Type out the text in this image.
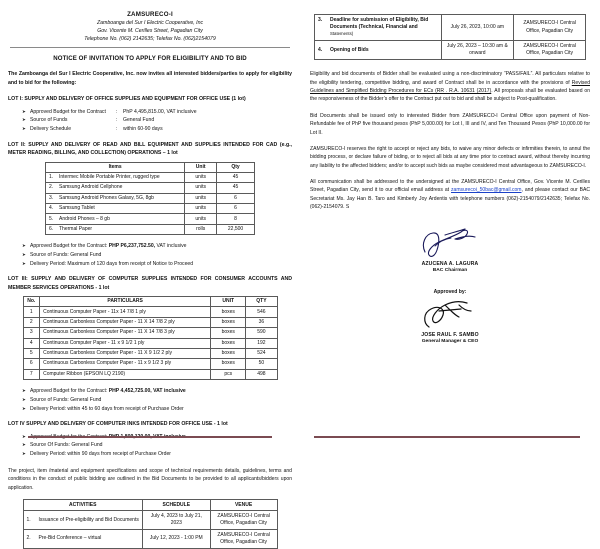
ZAMSURECO-I
Zamboanga del Sur I Electric Cooperative, Inc
Gov. Vicente M. Cerilles Street, Pagadian City
Telephone No. (062) 2142635; Telefax No. (062)2154079
NOTICE OF INVITATION TO APPLY FOR ELIGIBILITY AND TO BID
The Zamboanga del Sur I Electric Cooperative, Inc. now invites all interested bidders/parties to apply for eligibility and to bid for the following:
LOT I: SUPPLY AND DELIVERY OF OFFICE SUPPLIES AND EQUIPMENT FOR OFFICE USE (1 lot)
➤ Approved Budget for the Contract	:	PhP 4,495,815.00, VAT inclusive
➤ Source of Funds	:	General Fund
➤ Delivery Schedule	:	within 60-90 days
LOT II: SUPPLY AND DELIVERY OF READ AND BILL EQUIPMENT AND SUPPLIES INTENDED FOR CAD (e.g., METER READING, BILLING, AND COLLECTION) OPERATIONS – 1 lot
Items	Unit	Qty
1. Intermec Mobile Portable Printer, rugged type	units	45
2. Samsung Android Cellphone	units	45
3. Samsung Android Phones Galaxy, 5G, 8gb	units	6
4. Samsung Tablet	units	6
5. Android Phones – 8 gb	units	8
6. Thermal Paper	rolls	22,500
➤ Approved Budget for the Contract: PHP P6,237,752.50, VAT inclusive
➤ Source of Funds: General Fund
➤ Delivery Period: Maximum of 120 days from receipt of Notice to Proceed
LOT III: SUPPLY AND DELIVERY OF COMPUTER SUPPLIES INTENDED FOR CONSUMER ACCOUNTS AND MEMBER SERVICES OPERATIONS - 1 lot
No.	PARTICULARS	UNIT	QTY
1	Continuous Computer Paper - 11x 14 7/8 1 ply	boxes	546
2	Continuous Carbonless Computer Paper - 11 X 14 7/8 2 ply	boxes	36
3	Continuous Carbonless Computer Paper - 11 X 14 7/8 3 ply	boxes	590
4	Continuous Computer Paper - 11 x 9 1/2 1 ply	boxes	192
5	Continuous Carbonless Computer Paper - 11 X 9 1/2 2 ply	boxes	524
6	Continuous Carbonless Computer Paper - 11 x 9 1/2 3 ply	boxes	50
7	Computer Ribbon (EPSON LQ 2190)	pcs	498
➤ Approved Budget for the Contract: PHP 4,452,725.00, VAT inclusive
➤ Source of Funds: General Fund
➤ Delivery Period: within 45 to 60 days from receipt of Purchase Order
LOT IV SUPPLY AND DELIVERY OF COMPUTER INKS INTENDED FOR OFFICE USE - 1 lot
➤
➤ Source Of Funds: General Fund
➤ Delivery Period: within 90 days from receipt of Purchase Order
The project, item /material and equipment specifications and scope of technical requirements details, guidelines, terms and conditions in the conduct of public bidding are outlined in the Bid Documents to be provided to all applicants/bidders upon application.
ACTIVITIES	SCHEDULE	VENUE

1. Issuance of Pre-eligibility and Bid Documents	July 4, 2023 to July 21, 2023	ZAMSURECO-I Central Office, Pagadian City

2. Pre-Bid Conference – virtual	July 12, 2023 - 1:00 PM	ZAMSURECO-I Central Office, Pagadian City
3. Deadline for submission of Eligibility, Bid Documents (Technical, Financial and Statements)	July 26, 2023, 10:00 am	ZAMSURECO-I Central Office, Pagadian City

4. Opening of Bids	July 26, 2023 – 10:30 am & onward	ZAMSURECO-I Central Office, Pagadian City
Eligibility and bid documents of Bidder shall be evaluated using a non-discriminatory “PASS/FAIL”. All particulars relative to the eligibility tendering, competitive bidding, and award of Contract shall be in accordance with the provisions of Revised Guidelines and Simplified Bidding Procedures for ECs (RR . R.A. 10631 (2017). All proposals shall be evaluated based on the responsiveness of the Bidder’s offer to the Contract put out to bid and shall be subject to Post-qualification.
Bid Documents shall be issued only to interested Bidder from ZAMSURECO-I Central Office upon payment of Non-Refundable fee of PhP five thousand pesos (PhP 5,000.00) for Lot I, III and IV, and Ten Thousand Pesos (PhP 10,000.00 for Lot II.
ZAMSURECO-I reserves the right to accept or reject any bids, to waive any minor defects or infirmities therein, to annul the bidding process, or declare failure of biding, or to reject all bids at any time prior to contract award, without thereby incurring any liability to the affected bidders; and/or to accept such bids as maybe considered most advantageous to ZAMSURECO-I.
All communication shall be addressed to the undersigned at the ZAMSURECO-I Central Office, Gov. Vicente M. Cerilles Street, Pagadian City, send it to our official email address at zamsurecoi_50bac@gmail.com, and please contact our BAC Secretariat Ms. Jay Han B. Taro and Kimberly Joy Ardentis with telephone numbers (062)-2154079/2142635; Telefax No. (062)-2154079. S
AZUCENA A. LAGURA
BAC Chairman
Approved by:
JOSE RAUL F. SAMBO
General Manager & CEO
